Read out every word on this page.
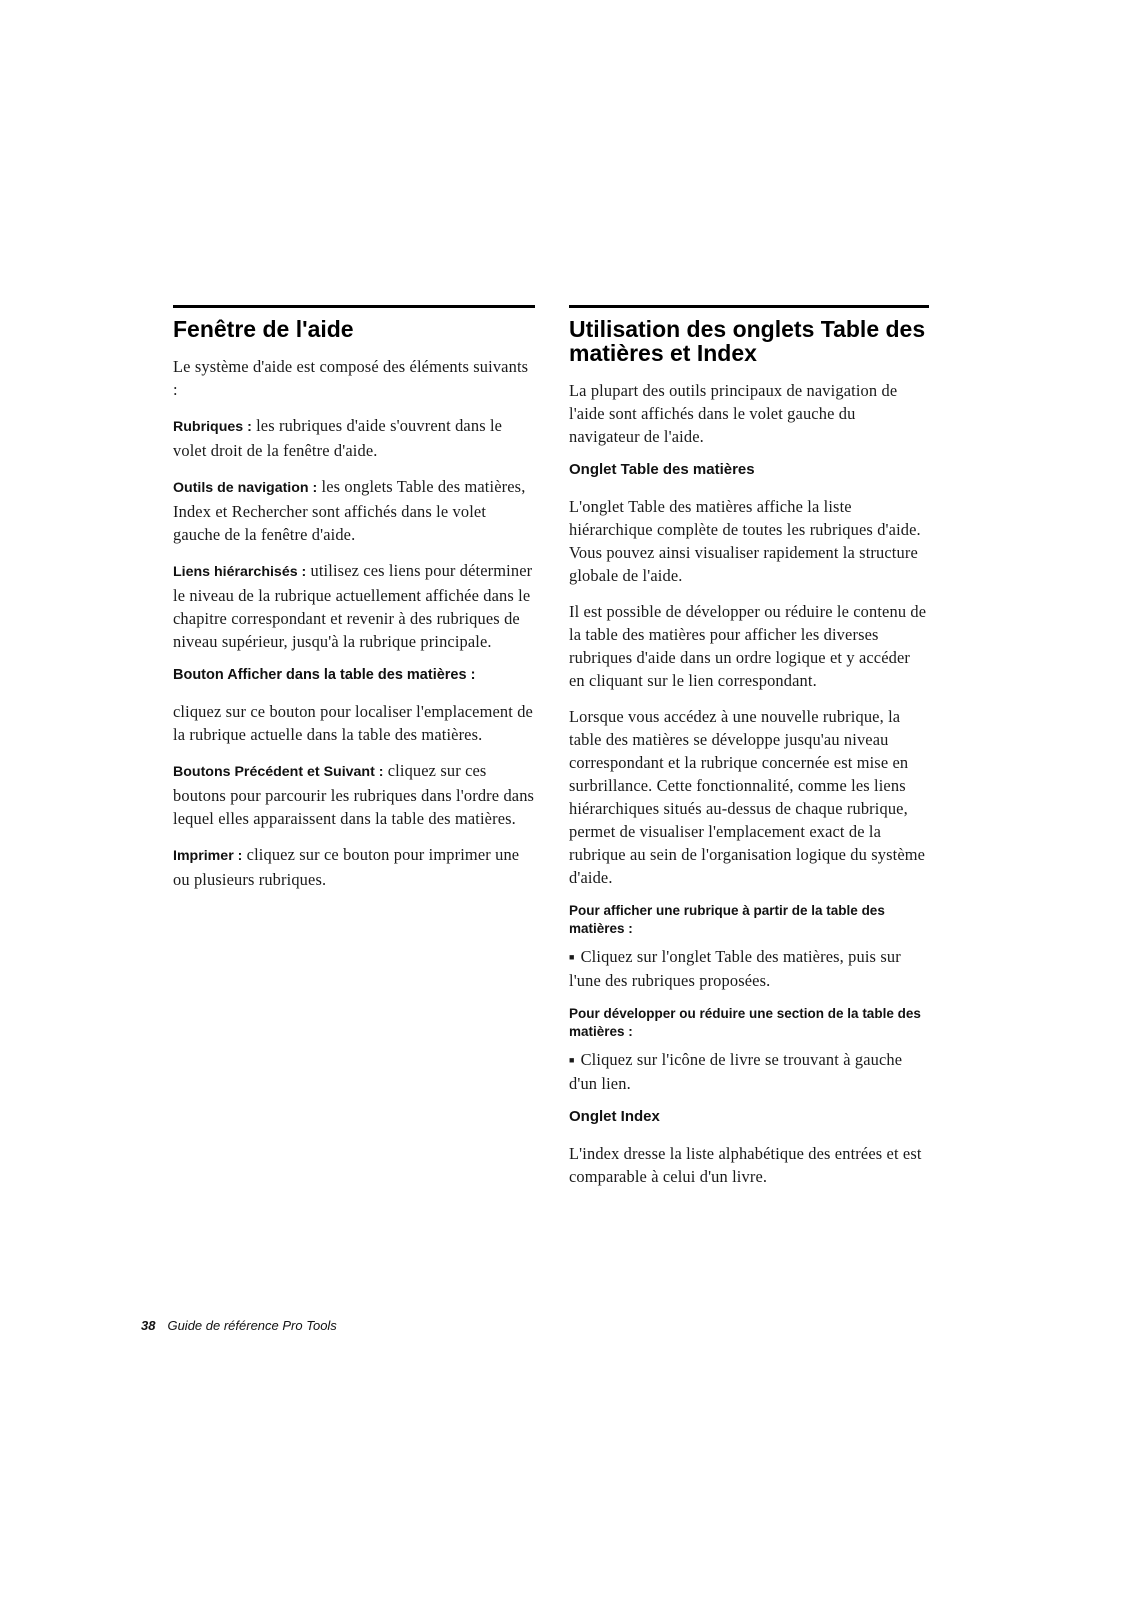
Fenêtre de l'aide

Le système d'aide est composé des éléments suivants :

Rubriques : les rubriques d'aide s'ouvrent dans le volet droit de la fenêtre d'aide.

Outils de navigation : les onglets Table des matières, Index et Rechercher sont affichés dans le volet gauche de la fenêtre d'aide.

Liens hiérarchisés : utilisez ces liens pour déterminer le niveau de la rubrique actuellement affichée dans le chapitre correspondant et revenir à des rubriques de niveau supérieur, jusqu'à la rubrique principale.

Bouton Afficher dans la table des matières :

cliquez sur ce bouton pour localiser l'emplacement de la rubrique actuelle dans la table des matières.

Boutons Précédent et Suivant : cliquez sur ces boutons pour parcourir les rubriques dans l'ordre dans lequel elles apparaissent dans la table des matières.

Imprimer : cliquez sur ce bouton pour imprimer une ou plusieurs rubriques.

Utilisation des onglets Table des matières et Index

La plupart des outils principaux de navigation de l'aide sont affichés dans le volet gauche du navigateur de l'aide.

Onglet Table des matières

L'onglet Table des matières affiche la liste hiérarchique complète de toutes les rubriques d'aide. Vous pouvez ainsi visualiser rapidement la structure globale de l'aide.

Il est possible de développer ou réduire le contenu de la table des matières pour afficher les diverses rubriques d'aide dans un ordre logique et y accéder en cliquant sur le lien correspondant.

Lorsque vous accédez à une nouvelle rubrique, la table des matières se développe jusqu'au niveau correspondant et la rubrique concernée est mise en surbrillance. Cette fonctionnalité, comme les liens hiérarchiques situés au-dessus de chaque rubrique, permet de visualiser l'emplacement exact de la rubrique au sein de l'organisation logique du système d'aide.

Pour afficher une rubrique à partir de la table des matières :

■ Cliquez sur l'onglet Table des matières, puis sur l'une des rubriques proposées.

Pour développer ou réduire une section de la table des matières :

■ Cliquez sur l'icône de livre se trouvant à gauche d'un lien.

Onglet Index

L'index dresse la liste alphabétique des entrées et est comparable à celui d'un livre.

38 Guide de référence Pro Tools
